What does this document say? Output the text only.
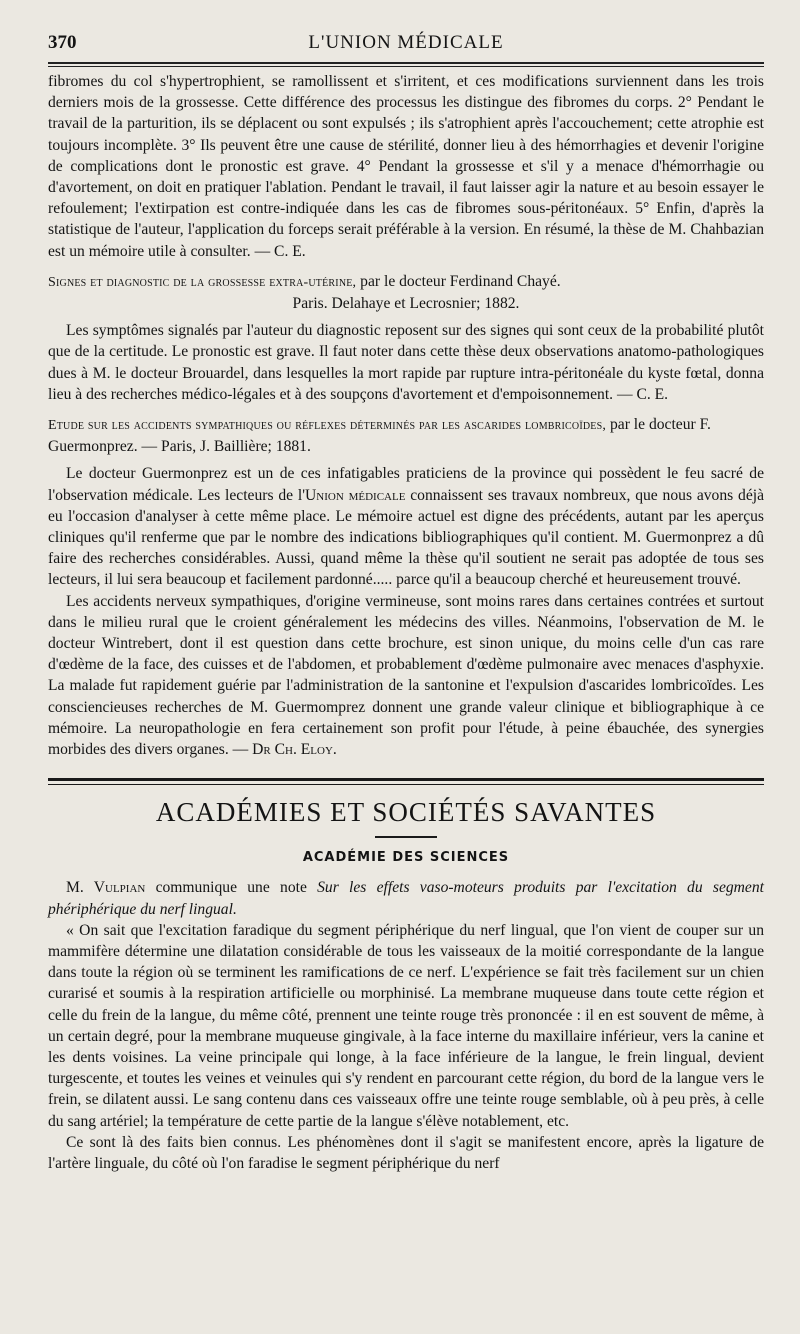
370	L'UNION MÉDICALE

fibromes du col s'hypertrophient, se ramollissent et s'irritent, et ces modifications surviennent dans les trois derniers mois de la grossesse. Cette différence des processus les distingue des fibromes du corps. 2° Pendant le travail de la parturition, ils se déplacent ou sont expulsés ; ils s'atrophient après l'accouchement; cette atrophie est toujours incomplète. 3° Ils peuvent être une cause de stérilité, donner lieu à des hémorrhagies et devenir l'origine de complications dont le pronostic est grave. 4° Pendant la grossesse et s'il y a menace d'hémorrhagie ou d'avortement, on doit en pratiquer l'ablation. Pendant le travail, il faut laisser agir la nature et au besoin essayer le refoulement; l'extirpation est contre-indiquée dans les cas de fibromes sous-péritonéaux. 5° Enfin, d'après la statistique de l'auteur, l'application du forceps serait préférable à la version. En résumé, la thèse de M. Chahbazian est un mémoire utile à consulter. — C. E.

Signes et diagnostic de la grossesse extra-utérine, par le docteur Ferdinand Chayé.
Paris. Delahaye et Lecrosnier; 1882.

Les symptômes signalés par l'auteur du diagnostic reposent sur des signes qui sont ceux de la probabilité plutôt que de la certitude. Le pronostic est grave. Il faut noter dans cette thèse deux observations anatomo-pathologiques dues à M. le docteur Brouardel, dans lesquelles la mort rapide par rupture intra-péritonéale du kyste fœtal, donna lieu à des recherches médico-légales et à des soupçons d'avortement et d'empoisonnement. — C. E.

Etude sur les accidents sympathiques ou réflexes déterminés par les ascarides lombricoïdes, par le docteur F. Guermonprez. — Paris, J. Baillière; 1881.

Le docteur Guermonprez est un de ces infatigables praticiens de la province qui possèdent le feu sacré de l'observation médicale. Les lecteurs de l'Union médicale connaissent ses travaux nombreux, que nous avons déjà eu l'occasion d'analyser à cette même place. Le mémoire actuel est digne des précédents, autant par les aperçus cliniques qu'il renferme que par le nombre des indications bibliographiques qu'il contient. M. Guermonprez a dû faire des recherches considérables. Aussi, quand même la thèse qu'il soutient ne serait pas adoptée de tous ses lecteurs, il lui sera beaucoup et facilement pardonné..... parce qu'il a beaucoup cherché et heureusement trouvé.

Les accidents nerveux sympathiques, d'origine vermineuse, sont moins rares dans certaines contrées et surtout dans le milieu rural que le croient généralement les médecins des villes. Néanmoins, l'observation de M. le docteur Wintrebert, dont il est question dans cette brochure, est sinon unique, du moins celle d'un cas rare d'œdème de la face, des cuisses et de l'abdomen, et probablement d'œdème pulmonaire avec menaces d'asphyxie. La malade fut rapidement guérie par l'administration de la santonine et l'expulsion d'ascarides lombricoïdes. Les consciencieuses recherches de M. Guermomprez donnent une grande valeur clinique et bibliographique à ce mémoire. La neuropathologie en fera certainement son profit pour l'étude, à peine ébauchée, des synergies morbides des divers organes. — Dr Ch. Eloy.

ACADÉMIES ET SOCIÉTÉS SAVANTES
ACADÉMIE DES SCIENCES

M. Vulpian communique une note Sur les effets vaso-moteurs produits par l'excitation du segment phériphérique du nerf lingual.

« On sait que l'excitation faradique du segment périphérique du nerf lingual, que l'on vient de couper sur un mammifère détermine une dilatation considérable de tous les vaisseaux de la moitié correspondante de la langue dans toute la région où se terminent les ramifications de ce nerf. L'expérience se fait très facilement sur un chien curarisé et soumis à la respiration artificielle ou morphinisé. La membrane muqueuse dans toute cette région et celle du frein de la langue, du même côté, prennent une teinte rouge très prononcée : il en est souvent de même, à un certain degré, pour la membrane muqueuse gingivale, à la face interne du maxillaire inférieur, vers la canine et les dents voisines. La veine principale qui longe, à la face inférieure de la langue, le frein lingual, devient turgescente, et toutes les veines et veinules qui s'y rendent en parcourant cette région, du bord de la langue vers le frein, se dilatent aussi. Le sang contenu dans ces vaisseaux offre une teinte rouge semblable, où à peu près, à celle du sang artériel; la température de cette partie de la langue s'élève notablement, etc.

Ce sont là des faits bien connus. Les phénomènes dont il s'agit se manifestent encore, après la ligature de l'artère linguale, du côté où l'on faradise le segment périphérique du nerf
